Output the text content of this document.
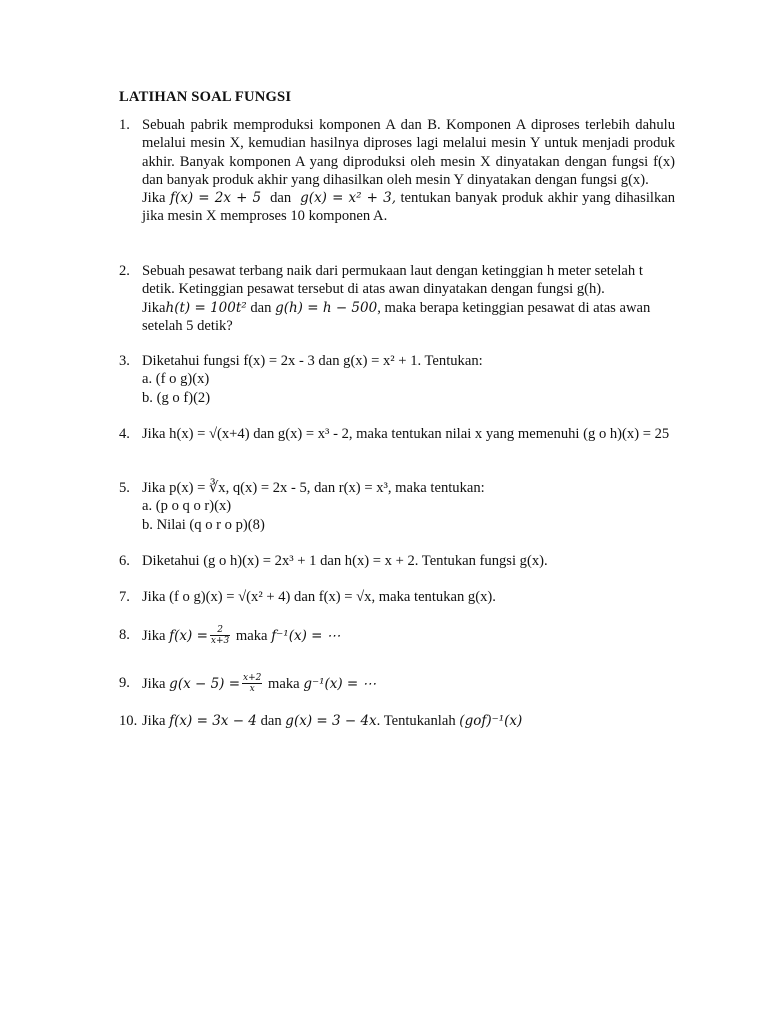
LATIHAN SOAL FUNGSI
1. Sebuah pabrik memproduksi komponen A dan B. Komponen A diproses terlebih dahulu melalui mesin X, kemudian hasilnya diproses lagi melalui mesin Y untuk menjadi produk akhir. Banyak komponen A yang diproduksi oleh mesin X dinyatakan dengan fungsi f(x) dan banyak produk akhir yang dihasilkan oleh mesin Y dinyatakan dengan fungsi g(x).
Jika f(x) = 2x + 5 dan g(x) = x² + 3, tentukan banyak produk akhir yang dihasilkan jika mesin X memproses 10 komponen A.
2. Sebuah pesawat terbang naik dari permukaan laut dengan ketinggian h meter setelah t detik. Ketinggian pesawat tersebut di atas awan dinyatakan dengan fungsi g(h).
Jikah(t) = 100t² dan g(h) = h − 500, maka berapa ketinggian pesawat di atas awan setelah 5 detik?
3. Diketahui fungsi f(x) = 2x - 3 dan g(x) = x² + 1. Tentukan:
a. (f o g)(x)
b. (g o f)(2)
4. Jika h(x) = √(x+4) dan g(x) = x³ - 2, maka tentukan nilai x yang memenuhi (g o h)(x) = 25
5. Jika p(x) = ∛x, q(x) = 2x - 5, dan r(x) = x³, maka tentukan:
a. (p o q o r)(x)
b. Nilai (q o r o p)(8)
6. Diketahui (g o h)(x) = 2x³ + 1 dan h(x) = x + 2. Tentukan fungsi g(x).
7. Jika (f o g)(x) = √(x² + 4) dan f(x) = √x, maka tentukan g(x).
8. Jika $f(x) = \frac{2}{x+3}$ maka f⁻¹(x) = ⋯
9. Jika $g(x - 5) = \frac{x+2}{x}$ maka g⁻¹(x) = ⋯
10. Jika f(x) = 3x − 4 dan g(x) = 3 − 4x. Tentukanlah (gof)⁻¹(x)
